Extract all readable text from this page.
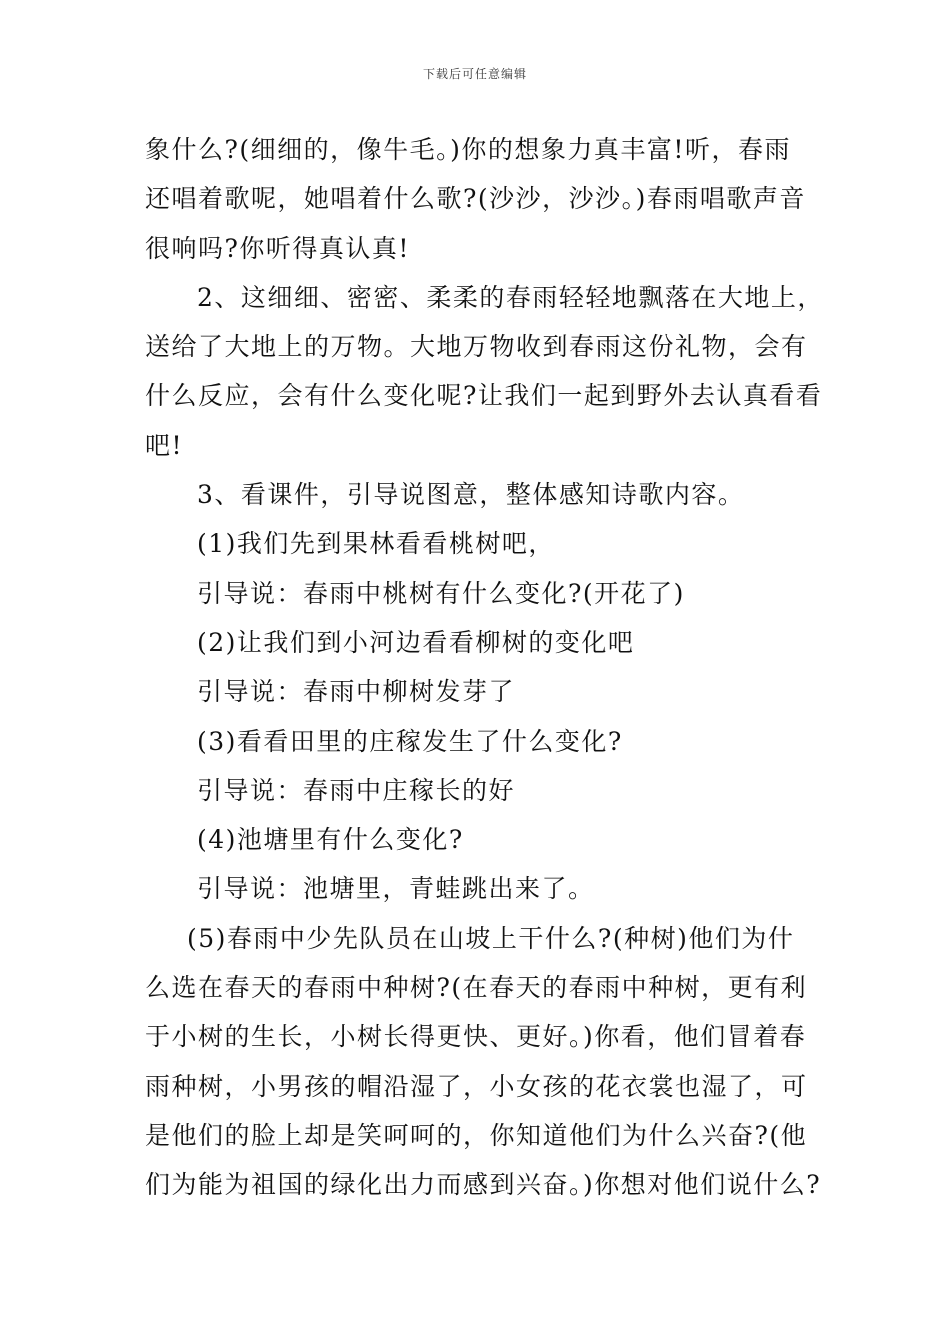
下载后可任意编辑

象什么?(细细的，像牛毛。)你的想象力真丰富!听，春雨

还唱着歌呢，她唱着什么歌?(沙沙，沙沙。)春雨唱歌声音

很响吗?你听得真认真!

2、这细细、密密、柔柔的春雨轻轻地飘落在大地上，

送给了大地上的万物。大地万物收到春雨这份礼物，会有

什么反应，会有什么变化呢?让我们一起到野外去认真看看

吧!

3、看课件，引导说图意，整体感知诗歌内容。

(1)我们先到果林看看桃树吧，

引导说：春雨中桃树有什么变化?(开花了)

(2)让我们到小河边看看柳树的变化吧

引导说：春雨中柳树发芽了

(3)看看田里的庄稼发生了什么变化?

引导说：春雨中庄稼长的好

(4)池塘里有什么变化?

引导说：池塘里，青蛙跳出来了。

(5)春雨中少先队员在山坡上干什么?(种树)他们为什

么选在春天的春雨中种树?(在春天的春雨中种树，更有利

于小树的生长，小树长得更快、更好。)你看，他们冒着春

雨种树，小男孩的帽沿湿了，小女孩的花衣裳也湿了，可

是他们的脸上却是笑呵呵的，你知道他们为什么兴奋?(他

们为能为祖国的绿化出力而感到兴奋。)你想对他们说什么?
